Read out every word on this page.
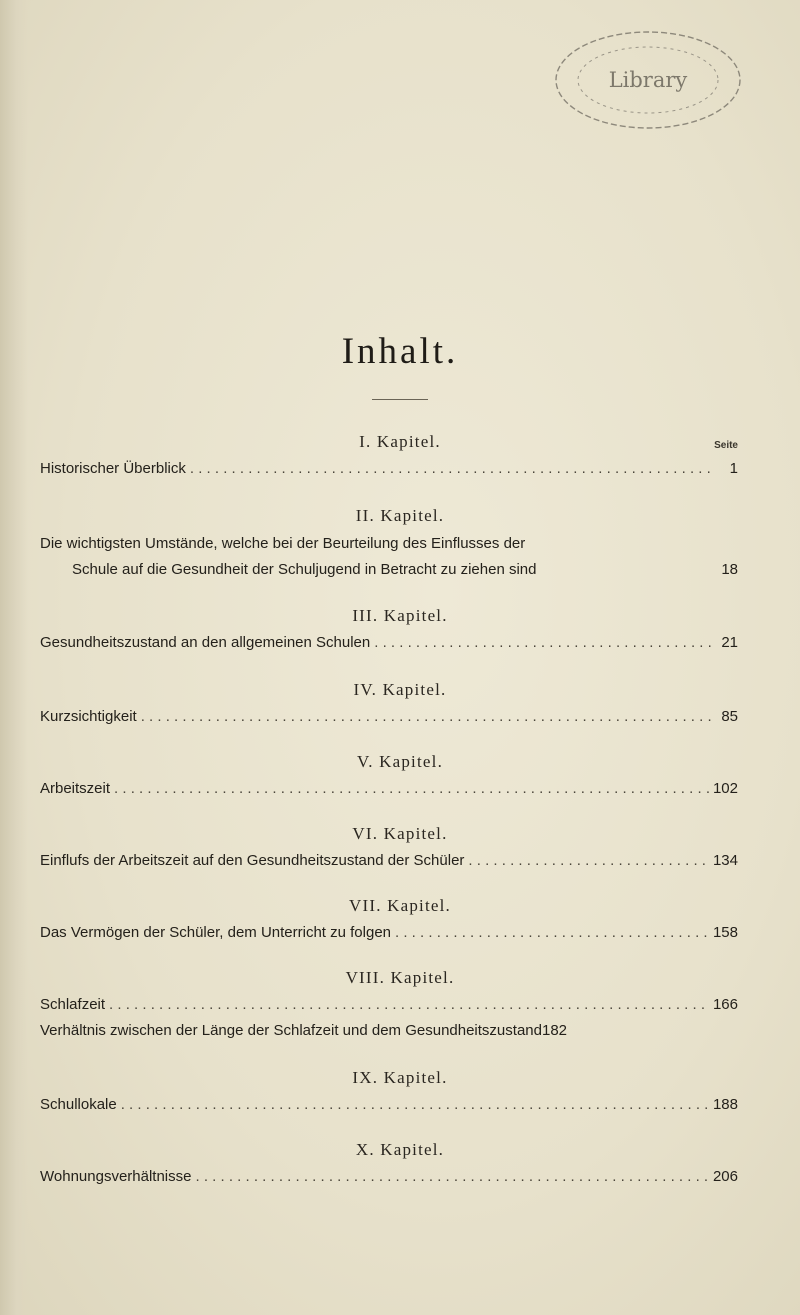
Library
Inhalt.
Seite
I. Kapitel.
Historischer Überblick . . .	1
II. Kapitel.
Die wichtigsten Umstände, welche bei der Beurteilung des Einflusses der
Schule auf die Gesundheit der Schuljugend in Betracht zu ziehen sind	18
III. Kapitel.
Gesundheitszustand an den allgemeinen Schulen . . .	21
IV. Kapitel.
Kurzsichtigkeit . . .	85
V. Kapitel.
Arbeitszeit . . .	102
VI. Kapitel.
Einflufs der Arbeitszeit auf den Gesundheitszustand der Schüler . . .	134
VII. Kapitel.
Das Vermögen der Schüler, dem Unterricht zu folgen . . .	158
VIII. Kapitel.
Schlafzeit . . .	166
Verhältnis zwischen der Länge der Schlafzeit und dem Gesundheitszustand 182
IX. Kapitel.
Schullokale . . .	188
X. Kapitel.
Wohnungsverhältnisse . . .	206
